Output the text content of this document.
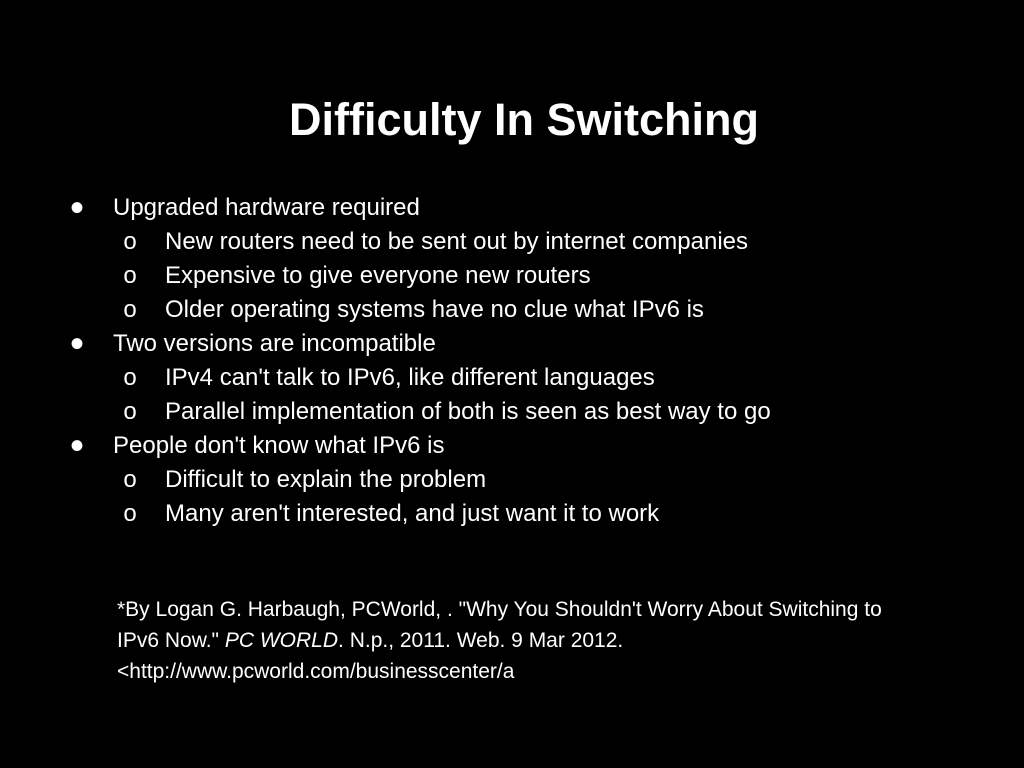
Difficulty In Switching
• Upgraded hardware required
o New routers need to be sent out by internet companies
o Expensive to give everyone new routers
o Older operating systems have no clue what IPv6 is
• Two versions are incompatible
o IPv4 can't talk to IPv6, like different languages
o Parallel implementation of both is seen as best way to go
• People don't know what IPv6 is
o Difficult to explain the problem
o Many aren't interested, and just want it to work

*By Logan G. Harbaugh, PCWorld, . "Why You Shouldn't Worry About Switching to IPv6 Now." PC WORLD. N.p., 2011. Web. 9 Mar 2012. <http://www.pcworld.com/businesscenter/a
